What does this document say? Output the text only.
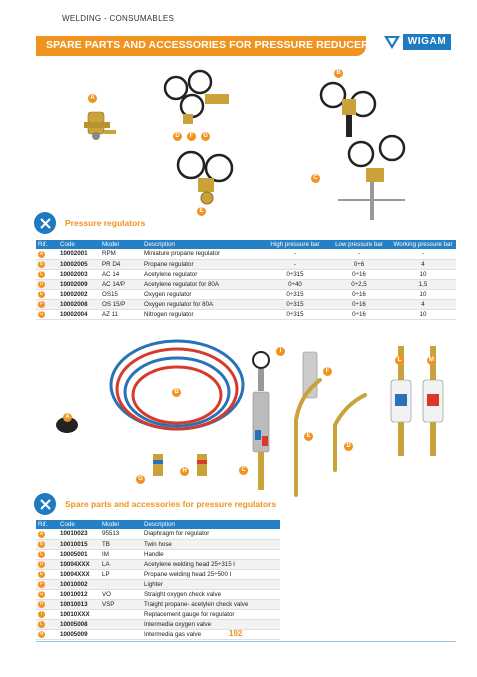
WELDING - CONSUMABLES
SPARE PARTS AND ACCESSORIES FOR PRESSURE REDUCERS	WIGAM
A
B
C
D
E
F	G
Pressure regulators
Rif.	Code	Model	Description	High pressure bar	Low pressure bar	Working pressure bar
A	10002001	RPM	Miniature propane regulator	-	-	-
B	10002005	PR D4	Propane regulator	-	0÷6	4
C	10002003	AC 14	Acetylene regulator	0÷315	0÷16	10
D	10002009	AC 14/P	Acetylene regulator for 80A	0÷40	0÷2,5	1,5
E	10002002	OS15	Oxygen regulator	0÷315	0÷16	10
F	10002008	OS 15/P	Oxygen regulator for 80A	0÷315	0÷16	4
G	10002004	AZ 11	Nitrogen regulator	0÷315	0÷16	10
A
B
C
D
E
F
G
H
I
L	M
Spare parts and accessories for pressure regulators
Rif.	Code	Model	Description
A	10010023	95513	Diaphragm for regulator
B	10010015	TB	Twin hose
C	10005001	IM	Handle
D	10004XXX	LA	Acetylene welding head 25÷315 l
E	10004XXX	LP	Propane welding head 25÷500 l
F	10010002		Lighter
G	10010012	VO	Straight oxygen check valve
H	10010013	VSP	Traight propane- acetylen check valve
I	10010XXX		Replacement gauge for regulator
L	10005008		Intermedia oxygen valve
M	10005009		Intermedia gas valve	192
